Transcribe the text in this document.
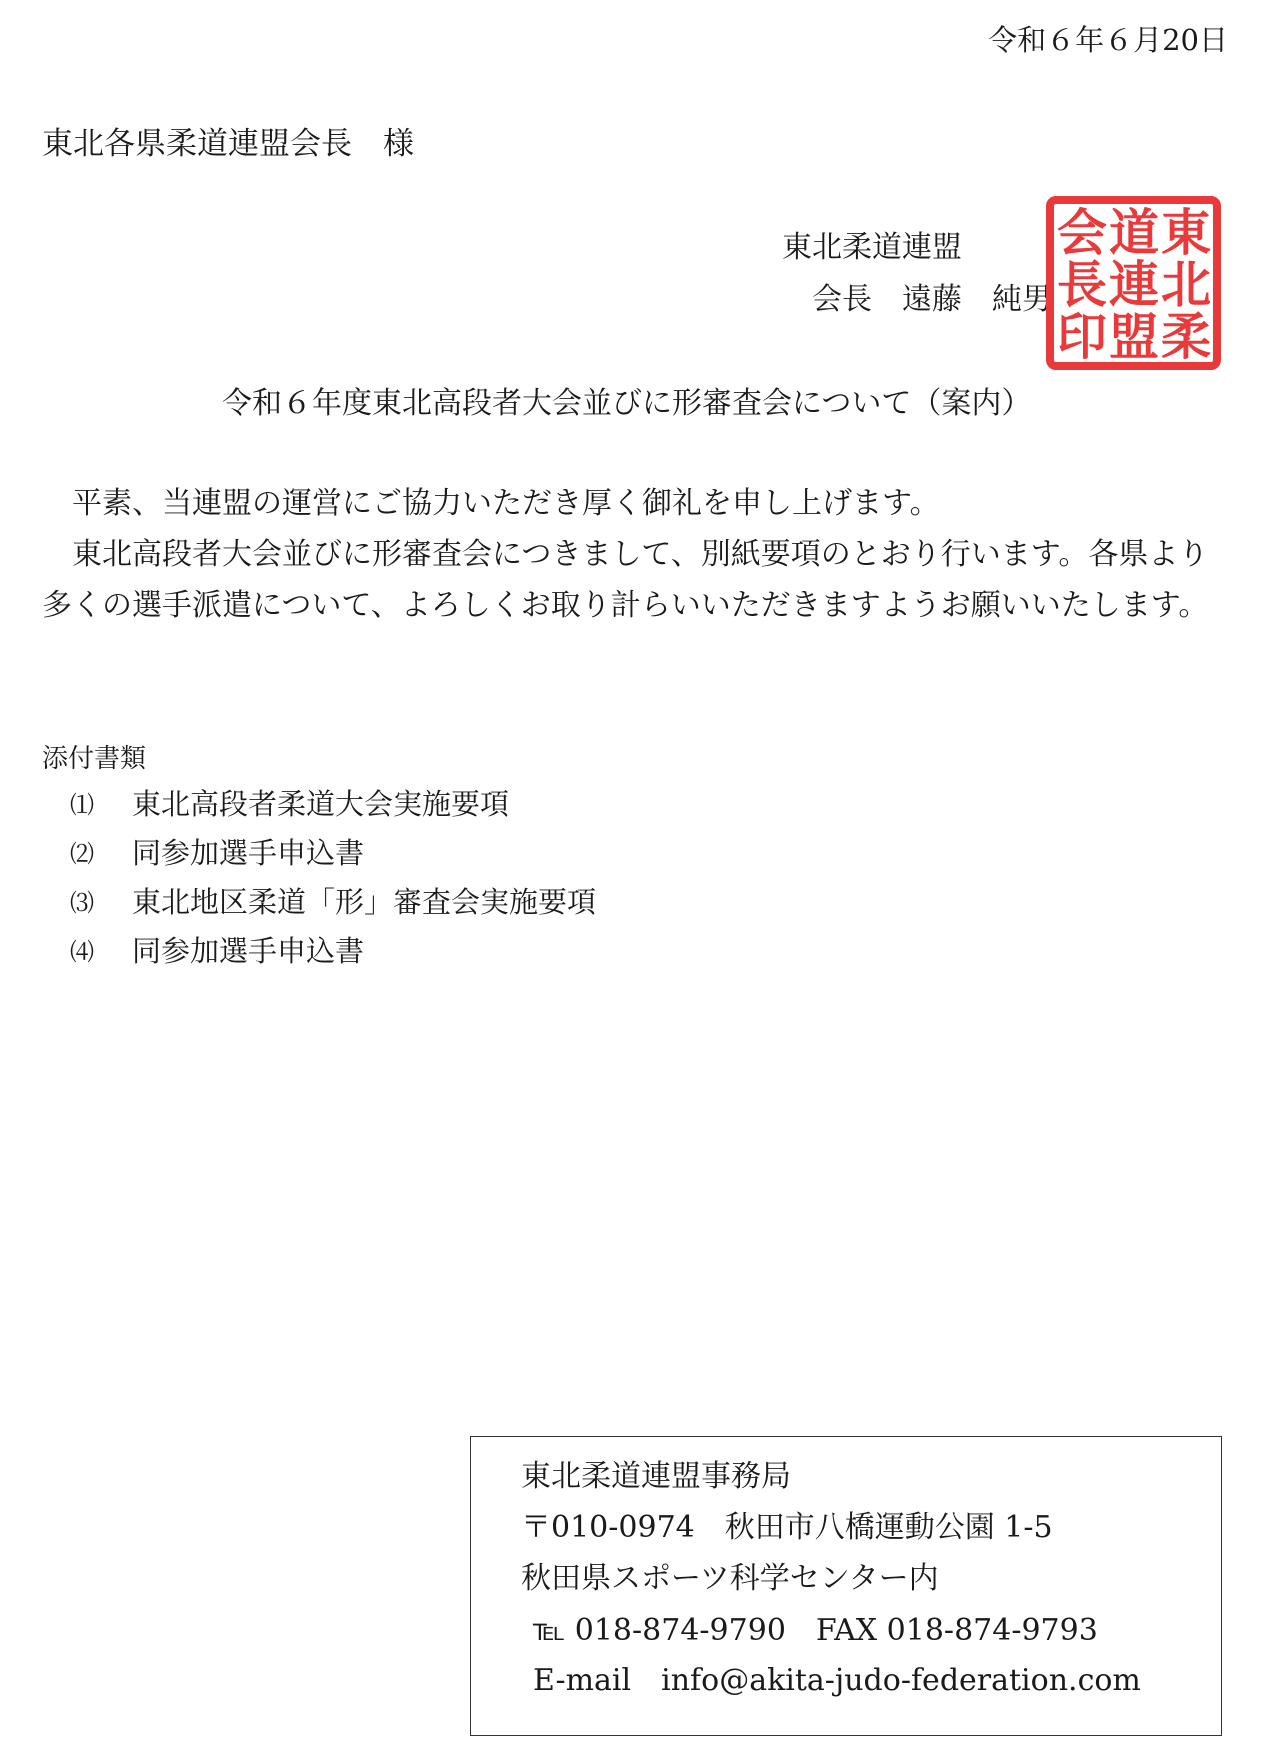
令和６年６月20日
東北各県柔道連盟会長　様
東北柔道連盟
会長　遠藤　純男
東北柔
道連盟
会長印
令和６年度東北高段者大会並びに形審査会について（案内）

平素、当連盟の運営にご協力いただき厚く御礼を申し上げます。

東北高段者大会並びに形審査会につきまして、別紙要項のとおり行います。各県より多くの選手派遣について、よろしくお取り計らいいただきますようお願いいたします。

添付書類
⑴	東北高段者柔道大会実施要項
⑵	同参加選手申込書
⑶	東北地区柔道「形」審査会実施要項
⑷	同参加選手申込書
東北柔道連盟事務局
〒010-0974　秋田市八橋運動公園 1-5
秋田県スポーツ科学センター内
℡ 018-874-9790　FAX 018-874-9793
E-mail　info@akita-judo-federation.com
